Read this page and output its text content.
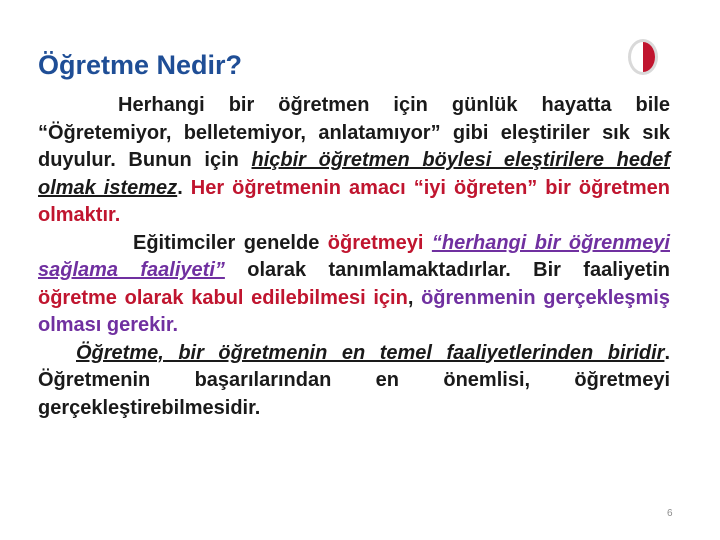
Öğretme Nedir?

Herhangi bir öğretmen için günlük hayatta bile “Öğretemiyor, belletemiyor, anlatamıyor” gibi eleştiriler sık sık duyulur. Bunun için hiçbir öğretmen böylesi eleştirilere hedef olmak istemez. Her öğretmenin amacı “iyi öğreten” bir öğretmen olmaktır.

Eğitimciler genelde öğretmeyi “herhangi bir öğrenmeyi sağlama faaliyeti” olarak tanımlamaktadırlar. Bir faaliyetin öğretme olarak kabul edilebilmesi için, öğrenmenin gerçekleşmiş olması gerekir.

Öğretme, bir öğretmenin en temel faaliyetlerinden biridir. Öğretmenin başarılarından en önemlisi, öğretmeyi gerçekleştirebilmesidir.

6
